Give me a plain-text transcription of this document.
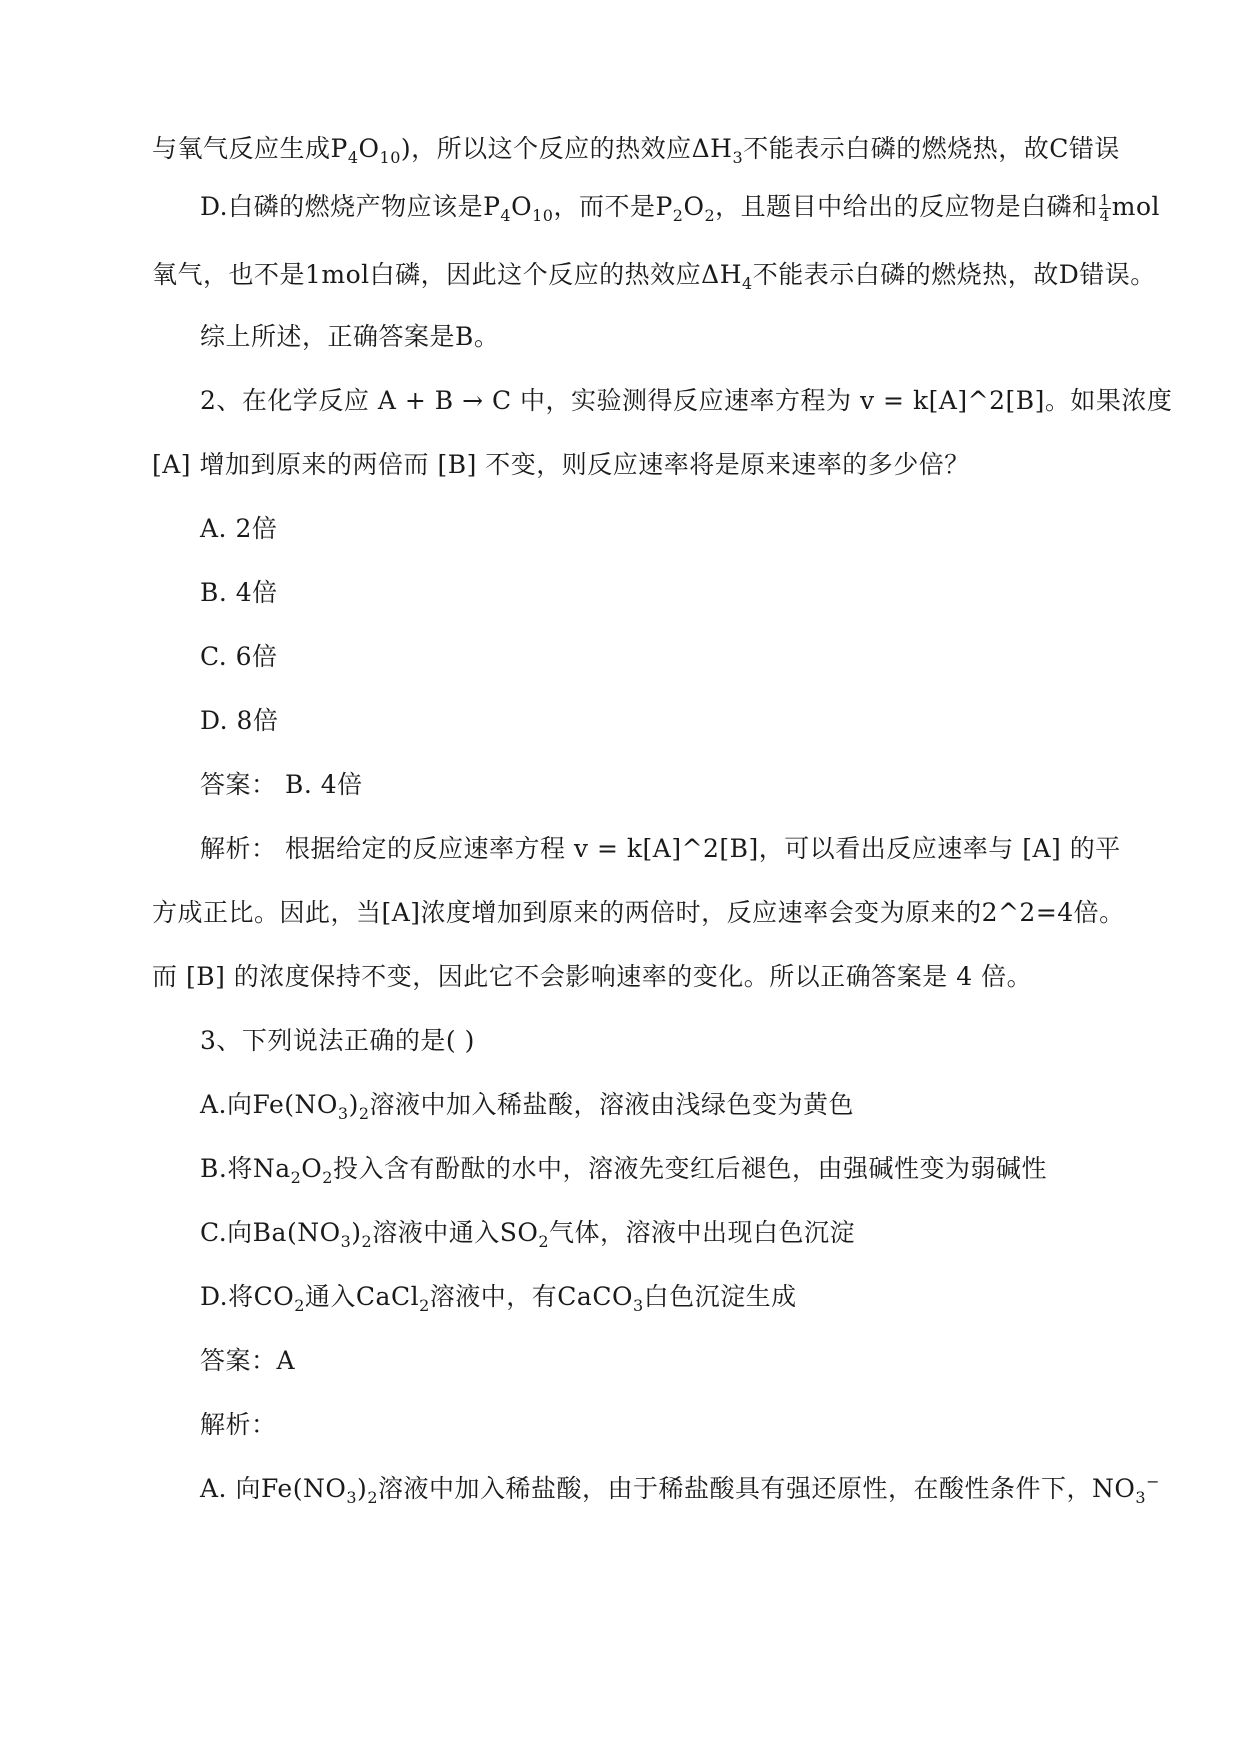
与氧气反应生成$P_4O_{10}$)，所以这个反应的热效应$\Delta H_3$不能表示白磷的燃烧热，故C错误
D.白磷的燃烧产物应该是$P_4O_{10}$，而不是$P_2O_2$，且题目中给出的反应物是白磷和 $\frac{1}{4}$ mol
氧气，也不是1mol白磷，因此这个反应的热效应$\Delta H_4$不能表示白磷的燃烧热，故D错误。
综上所述，正确答案是B。
2、在化学反应 A + B → C 中，实验测得反应速率方程为 v = k[A]^2[B]。如果浓度
[A] 增加到原来的两倍而 [B] 不变，则反应速率将是原来速率的多少倍？
A. 2倍
B. 4倍
C. 6倍
D. 8倍
答案： B. 4倍
解析： 根据给定的反应速率方程 v = k[A]^2[B]，可以看出反应速率与 [A] 的平
方成正比。因此，当[A]浓度增加到原来的两倍时，反应速率会变为原来的2^2=4倍。
而 [B] 的浓度保持不变，因此它不会影响速率的变化。所以正确答案是 4 倍。
3、下列说法正确的是( )
A.向$Fe(NO_3)_2$溶液中加入稀盐酸，溶液由浅绿色变为黄色
B.将$Na_2O_2$投入含有酚酞的水中，溶液先变红后褪色，由强碱性变为弱碱性
C.向$Ba(NO_3)_2$溶液中通入$SO_2$气体，溶液中出现白色沉淀
D.将$CO_2$通入CaCl$_2$溶液中，有CaCO$_3$白色沉淀生成
答案：A
解析：
A. 向$Fe(NO_3)_2$溶液中加入稀盐酸，由于稀盐酸具有强还原性，在酸性条件下，$NO_3^-$
